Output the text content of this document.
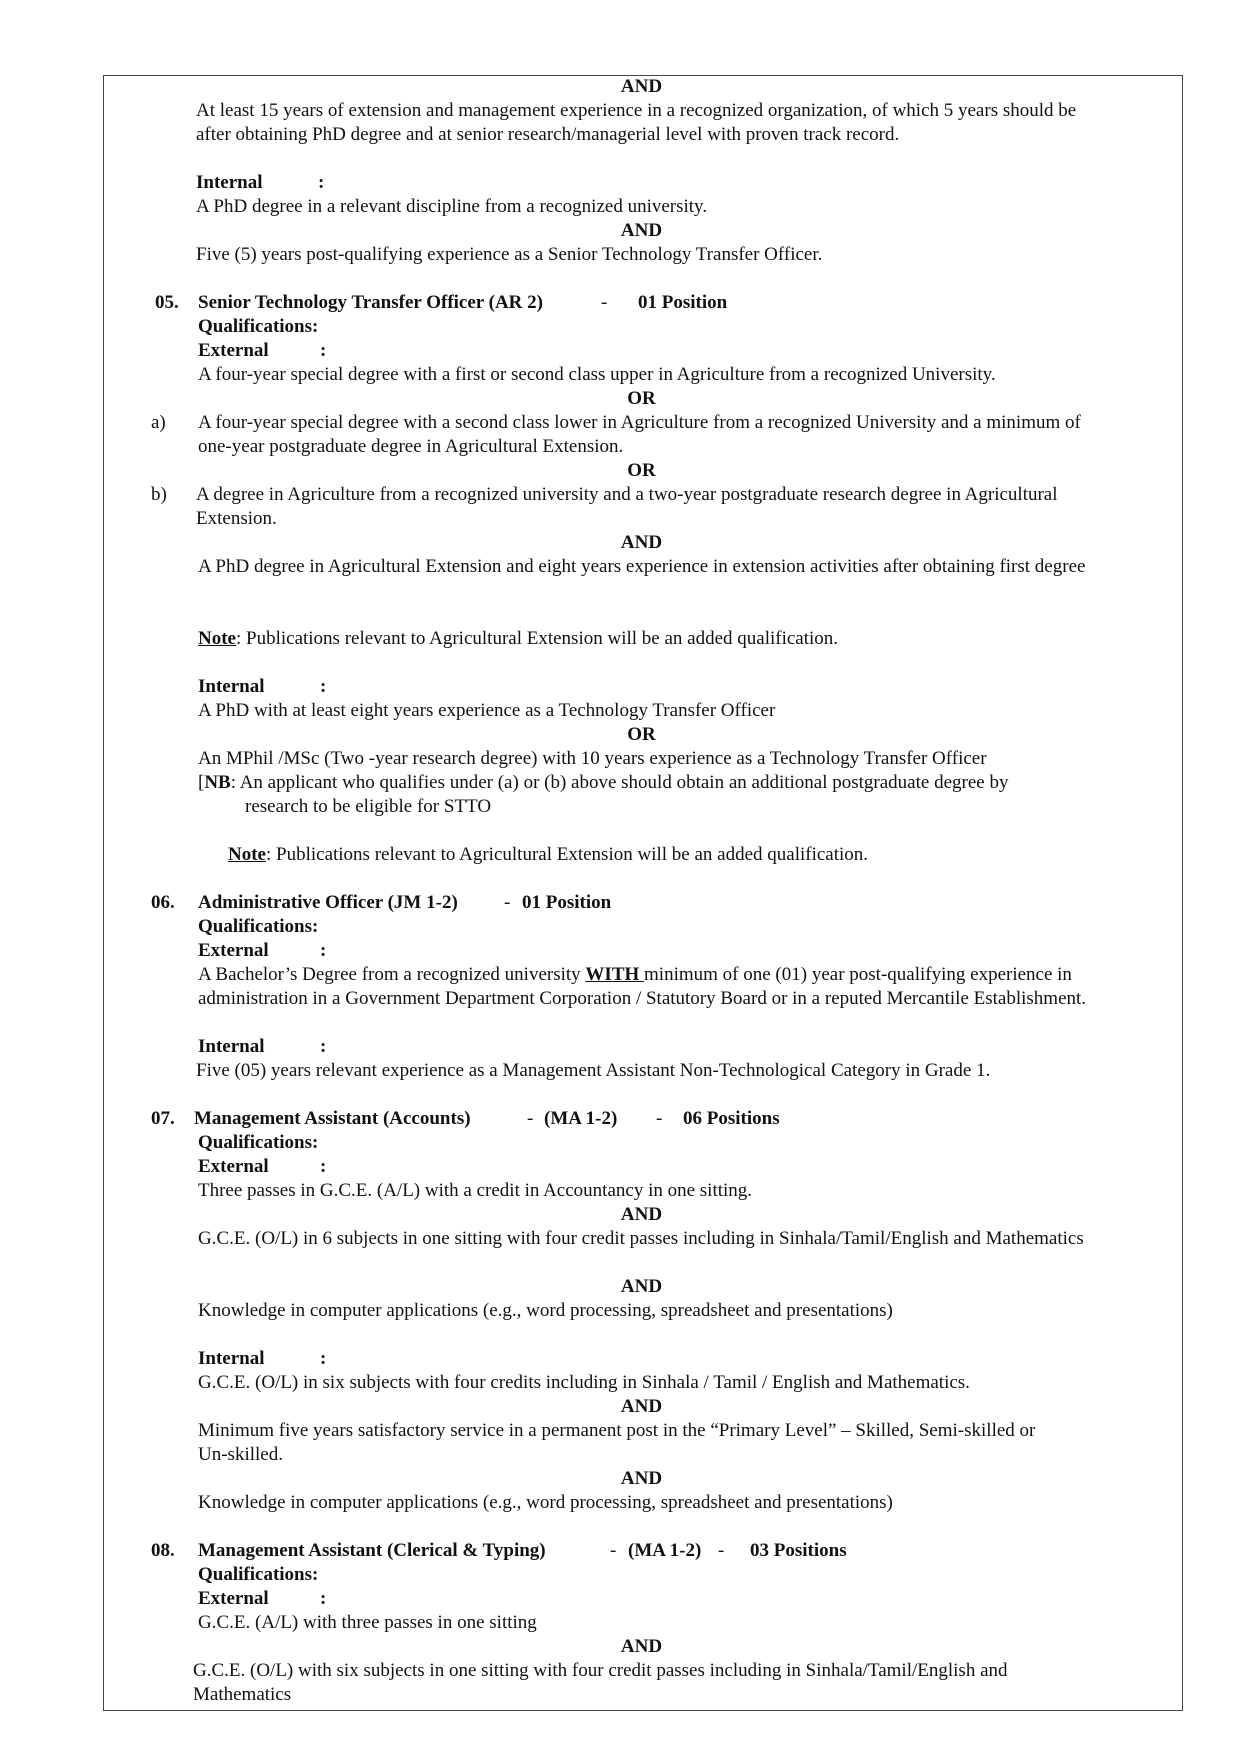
AND
At least 15 years of extension and management experience in a recognized organization, of which 5 years should be
after obtaining PhD degree and at senior research/managerial level with proven track record.
Internal	:
A PhD degree in a relevant discipline from a recognized university.
AND
Five (5) years post-qualifying experience as a Senior Technology Transfer Officer.
05. Senior Technology Transfer Officer (AR 2)	- 01 Position
Qualifications:
External	:
A four-year special degree with a first or second class upper in Agriculture from a recognized University.
OR
a) A four-year special degree with a second class lower in Agriculture from a recognized University and a minimum of
one-year postgraduate degree in Agricultural Extension.
OR
b) A degree in Agriculture from a recognized university and a two-year postgraduate research degree in Agricultural
Extension.
AND
A PhD degree in Agricultural Extension and eight years experience in extension activities after obtaining first degree
Note: Publications relevant to Agricultural Extension will be an added qualification.
Internal	:
A PhD with at least eight years experience as a Technology Transfer Officer
OR
An MPhil /MSc (Two -year research degree) with 10 years experience as a Technology Transfer Officer
[NB: An applicant who qualifies under (a) or (b) above should obtain an additional postgraduate degree by
research to be eligible for STTO
Note: Publications relevant to Agricultural Extension will be an added qualification.
06. Administrative Officer (JM 1-2) - 01 Position
Qualifications:
External	:
A Bachelor’s Degree from a recognized university WITH minimum of one (01) year post-qualifying experience in
administration in a Government Department Corporation / Statutory Board or in a reputed Mercantile Establishment.
Internal	:
Five (05) years relevant experience as a Management Assistant Non-Technological Category in Grade 1.
07. Management Assistant (Accounts)	- (MA 1-2) - 06 Positions
Qualifications:
External	:
Three passes in G.C.E. (A/L) with a credit in Accountancy in one sitting.
AND
G.C.E. (O/L) in 6 subjects in one sitting with four credit passes including in Sinhala/Tamil/English and Mathematics
AND
Knowledge in computer applications (e.g., word processing, spreadsheet and presentations)
Internal	:
G.C.E. (O/L) in six subjects with four credits including in Sinhala / Tamil / English and Mathematics.
AND
Minimum five years satisfactory service in a permanent post in the “Primary Level” – Skilled, Semi-skilled or
Un-skilled.
AND
Knowledge in computer applications (e.g., word processing, spreadsheet and presentations)
08. Management Assistant (Clerical & Typing)	- (MA 1-2) - 03 Positions
Qualifications:
External	:
G.C.E. (A/L) with three passes in one sitting
AND
G.C.E. (O/L) with six subjects in one sitting with four credit passes including in Sinhala/Tamil/English and
Mathematics
